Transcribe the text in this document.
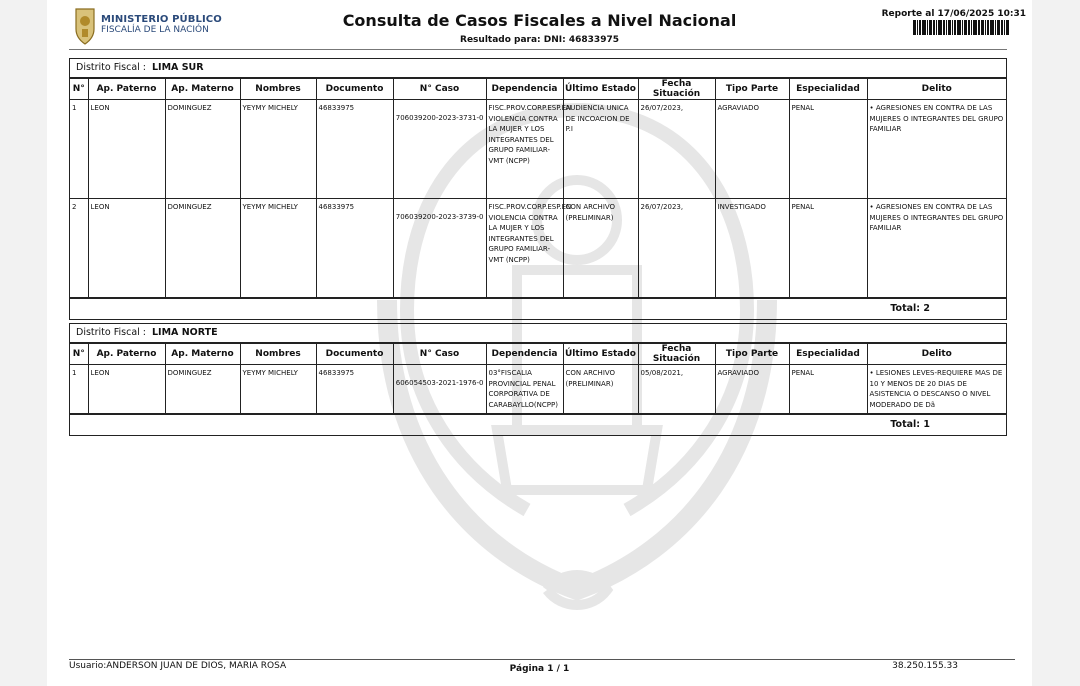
MINISTERIO PÚBLICO
FISCALÍA DE LA NACIÓN	Consulta de Casos Fiscales a Nivel Nacional
Resultado para: DNI: 46833975
Reporte al 17/06/2025 10:31
Distrito Fiscal : LIMA SUR
N°	Ap. Paterno	Ap. Materno	Nombres	Documento	N° Caso	Dependencia	Último Estado	Fecha Situación	Tipo Parte	Especialidad	Delito
1	LEON	DOMINGUEZ	YEYMY MICHELY	46833975	706039200-2023-3731-0	FISC.PROV.CORP.ESP.EN VIOLENCIA CONTRA LA MUJER Y LOS INTEGRANTES DEL GRUPO FAMILIAR-VMT (NCPP)	AUDIENCIA UNICA DE INCOACION DE P.I	26/07/2023,	AGRAVIADO	PENAL	• AGRESIONES EN CONTRA DE LAS MUJERES O INTEGRANTES DEL GRUPO FAMILIAR
2	LEON	DOMINGUEZ	YEYMY MICHELY	46833975	706039200-2023-3739-0	FISC.PROV.CORP.ESP.EN VIOLENCIA CONTRA LA MUJER Y LOS INTEGRANTES DEL GRUPO FAMILIAR-VMT (NCPP)	CON ARCHIVO (PRELIMINAR)	26/07/2023,	INVESTIGADO	PENAL	• AGRESIONES EN CONTRA DE LAS MUJERES O INTEGRANTES DEL GRUPO FAMILIAR
Total: 2
Distrito Fiscal : LIMA NORTE
N°	Ap. Paterno	Ap. Materno	Nombres	Documento	N° Caso	Dependencia	Último Estado	Fecha Situación	Tipo Parte	Especialidad	Delito
1	LEON	DOMINGUEZ	YEYMY MICHELY	46833975	606054503-2021-1976-0	03°FISCALIA PROVINCIAL PENAL CORPORATIVA DE CARABAYLLO(NCPP)	CON ARCHIVO (PRELIMINAR)	05/08/2021,	AGRAVIADO	PENAL	• LESIONES LEVES-REQUIERE MAS DE 10 Y MENOS DE 20 DIAS DE ASISTENCIA O DESCANSO O NIVEL MODERADO DE Dã
Total: 1
Usuario:ANDERSON JUAN DE DIOS, MARIA ROSA	Página 1 / 1	38.250.155.33
